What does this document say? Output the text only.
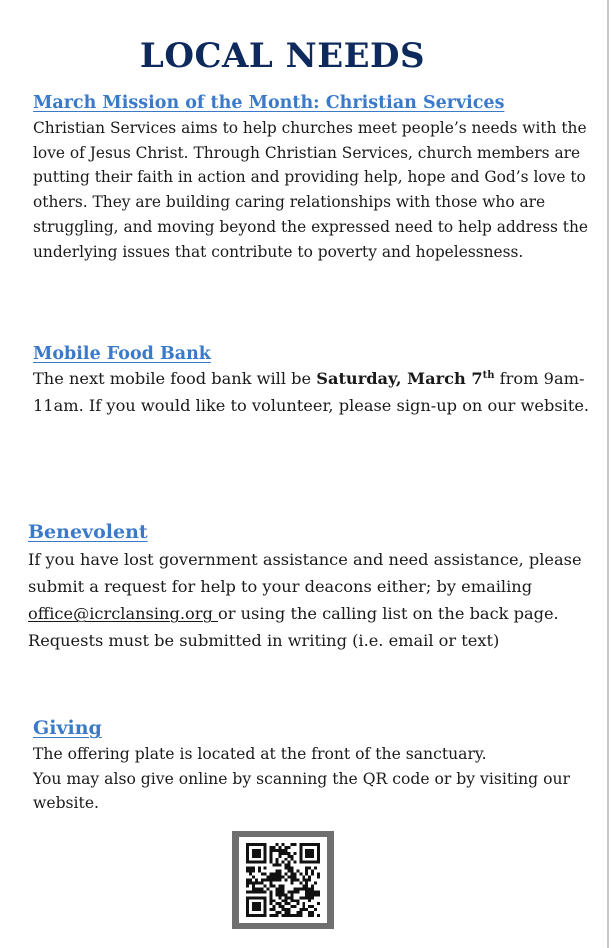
LOCAL NEEDS
March Mission of the Month: Christian Services

Christian Services aims to help churches meet people’s needs with the love of Jesus Christ. Through Christian Services, church members are putting their faith in action and providing help, hope and God’s love to others. They are building caring relationships with those who are struggling, and moving beyond the expressed need to help address the underlying issues that contribute to poverty and hopelessness.

Mobile Food Bank

The next mobile food bank will be Saturday, March 7th from 9am-11am. If you would like to volunteer, please sign-up on our website.

Benevolent

If you have lost government assistance and need assistance, please submit a request for help to your deacons either; by emailing office@icrclansing.org or using the calling list on the back page. Requests must be submitted in writing (i.e. email or text)

Giving

The offering plate is located at the front of the sanctuary.
You may also give online by scanning the QR code or by visiting our website.
